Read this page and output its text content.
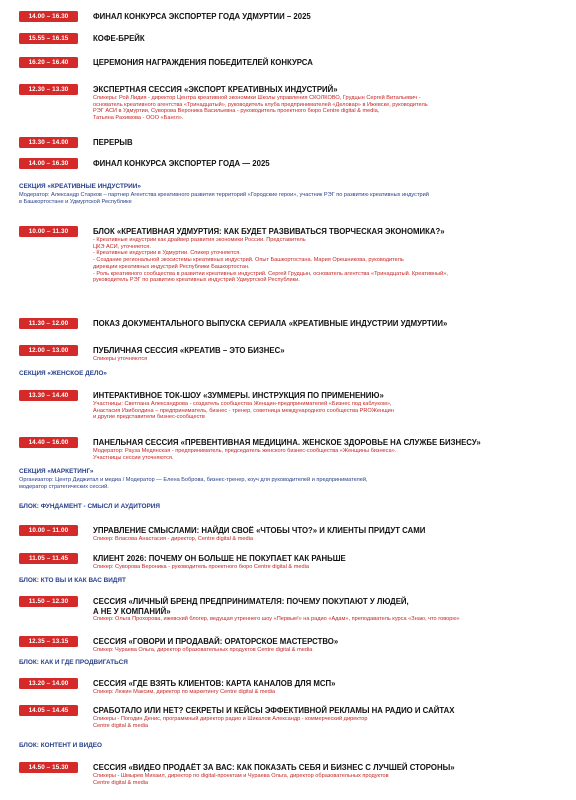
14.00 – 16.30	ФИНАЛ КОНКУРСА ЭКСПОРТЕР ГОДА УДМУРТИИ – 2025
15.55 – 16.15	КОФЕ-БРЕЙК
16.20 – 16.40	ЦЕРЕМОНИЯ НАГРАЖДЕНИЯ ПОБЕДИТЕЛЕЙ КОНКУРСА
12.30 – 13.30	ЭКСПЕРТНАЯ СЕССИЯ «ЭКСПОРТ КРЕАТИВНЫХ ИНДУСТРИЙ»
Спикеры: Рой Лидия - директор Центра креативной экономики Школы управления СКОЛКОВО, Грудцын Сергей Витальевич -
основатель креативного агентства «Тринадцатый», руководитель клуба предпринимателей «Деловар» в Ижевске, руководитель
РЭГ АСИ в Удмуртии, Суворова Вероника Васильевна - руководитель проектного бюро Centre digital & media,
Татьяна Рахимова - ООО «Бангл».
13.30 – 14.00	ПЕРЕРЫВ
14.00 – 16.30	ФИНАЛ КОНКУРСА ЭКСПОРТЕР ГОДА — 2025
СЕКЦИЯ «КРЕАТИВНЫЕ ИНДУСТРИИ»
Модератор: Александр Старков – партнер Агентства креативного развития территорий «Городские герои», участник РЭГ по развитию креативных индустрий
в Башкортостане и Удмуртской Республике
10.00 – 11.30	БЛОК «КРЕАТИВНАЯ УДМУРТИЯ: КАК БУДЕТ РАЗВИВАТЬСЯ ТВОРЧЕСКАЯ ЭКОНОМИКА?»
- Креативные индустрии как драйвер развития экономики России. Представитель
ЦКЭ АСИ, уточняется.
- Креативные индустрии в Удмуртии. Спикер уточняется.
- Создание региональной экосистемы креативных индустрий. Опыт Башкортостана. Мария Орешникова, руководитель
дирекции креативных индустрий Республики Башкортостан.
- Роль креативного сообщества в развитии креативных индустрий. Сергей Грудцын, основатель агентства «Тринадцатый. Креативный»,
руководитель РЭГ по развитию креативных индустрий Удмуртской Республики.
11.30 – 12.00	ПОКАЗ ДОКУМЕНТАЛЬНОГО ВЫПУСКА СЕРИАЛА «КРЕАТИВНЫЕ ИНДУСТРИИ УДМУРТИИ»
12.00 – 13.00	ПУБЛИЧНАЯ СЕССИЯ «КРЕАТИВ – ЭТО БИЗНЕС»
Спикеры уточняются
СЕКЦИЯ «ЖЕНСКОЕ ДЕЛО»
13.30 – 14.40	ИНТЕРАКТИВНОЕ ТОК-ШОУ «ЗУММЕРЫ. ИНСТРУКЦИЯ ПО ПРИМЕНЕНИЮ»
Участницы: Светлана Александрова - создатель сообщества Женщин-предпринимателей «Бизнес под каблуком»,
Анастасия Изиболдина – предприниматель, бизнес - тренер, советница международного сообщества PROЖенщин
и другие представители бизнес-сообществ
14.40 – 16.00	ПАНЕЛЬНАЯ СЕССИЯ «ПРЕВЕНТИВНАЯ МЕДИЦИНА. ЖЕНСКОЕ ЗДОРОВЬЕ НА СЛУЖБЕ БИЗНЕСУ»
Модератор: Рауза Медянская - предприниматель, председатель женского бизнес-сообщества «Женщины бизнеса».
Участницы сессии уточняются.
СЕКЦИЯ «МАРКЕТИНГ»
Организатор: Центр Диджитал и медиа / Модератор — Елена Боброва, бизнес-тренер, коуч для руководителей и предпринимателей,
модератор стратегических сессий.
БЛОК: ФУНДАМЕНТ - СМЫСЛ И АУДИТОРИЯ
10.00 – 11.00	УПРАВЛЕНИЕ СМЫСЛАМИ: НАЙДИ СВОЁ «ЧТОБЫ ЧТО?» И КЛИЕНТЫ ПРИДУТ САМИ
Спикер: Власова Анастасия - директор, Centre digital & media
11.05 – 11.45	КЛИЕНТ 2026: ПОЧЕМУ ОН БОЛЬШЕ НЕ ПОКУПАЕТ КАК РАНЬШЕ
Спикер: Суворова Вероника - руководитель проектного бюро Centre digital & media
БЛОК: КТО ВЫ И КАК ВАС ВИДЯТ
11.50 – 12.30	СЕССИЯ «ЛИЧНЫЙ БРЕНД ПРЕДПРИНИМАТЕЛЯ: ПОЧЕМУ ПОКУПАЮТ У ЛЮДЕЙ,
А НЕ У КОМПАНИЙ»
Спикер: Ольга Прохорова, ижевский блогер, ведущая утреннего шоу «Первые!» на радио «Адам», преподаватель курса «Знаю, что говорю»
12.35 – 13.15	СЕССИЯ «ГОВОРИ И ПРОДАВАЙ: ОРАТОРСКОЕ МАСТЕРСТВО»
Спикер: Чураева Ольга, директор образовательных продуктов Centre digital & media
БЛОК: КАК И ГДЕ ПРОДВИГАТЬСЯ
13.20 – 14.00	СЕССИЯ «ГДЕ ВЗЯТЬ КЛИЕНТОВ: КАРТА КАНАЛОВ ДЛЯ МСП»
Спикер: Люкин Максим, директор по маркетингу Centre digital & media
14.05 – 14.45	СРАБОТАЛО ИЛИ НЕТ? СЕКРЕТЫ И КЕЙСЫ ЭФФЕКТИВНОЙ РЕКЛАМЫ НА РАДИО И САЙТАХ
Спикеры - Погодин Денис, программный директор радио и Шикалов Александр - коммерческий директор
Centre digital & media
БЛОК: КОНТЕНТ И ВИДЕО
14.50 – 15.30	СЕССИЯ «ВИДЕО ПРОДАЁТ ЗА ВАС: КАК ПОКАЗАТЬ СЕБЯ И БИЗНЕС С ЛУЧШЕЙ СТОРОНЫ»
Спикеры - Шмырев Михаил, директор по digital-проектам и Чураева Ольга, директор образовательных продуктов
Centre digital & media
